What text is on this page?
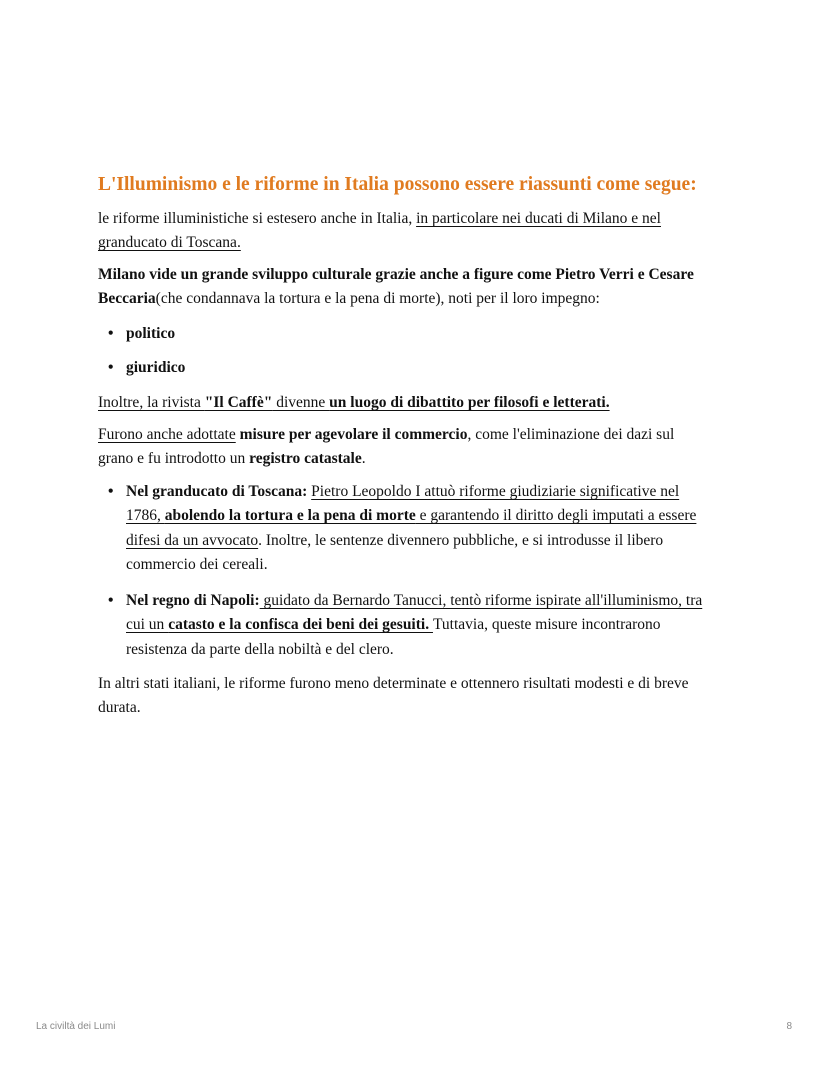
L'Illuminismo e le riforme in Italia possono essere riassunti come segue:
le riforme illuministiche si estesero anche in Italia, in particolare nei ducati di Milano e nel
granducato di Toscana.
Milano vide un grande sviluppo culturale grazie anche a figure come Pietro Verri e Cesare
Beccaria(che condannava la tortura e la pena di morte), noti per il loro impegno:
• politico
• giuridico
Inoltre, la rivista "Il Caffè" divenne un luogo di dibattito per filosofi e letterati.
Furono anche adottate misure per agevolare il commercio, come l'eliminazione dei dazi sul
grano e fu introdotto un registro catastale.
• Nel granducato di Toscana: Pietro Leopoldo I attuò riforme giudiziarie significative nel
1786, abolendo la tortura e la pena di morte e garantendo il diritto degli imputati a essere
difesi da un avvocato. Inoltre, le sentenze divennero pubbliche, e si introdusse il libero
commercio dei cereali.
• Nel regno di Napoli: guidato da Bernardo Tanucci, tentò riforme ispirate all'illuminismo, tra
cui un catasto e la confisca dei beni dei gesuiti. Tuttavia, queste misure incontrarono
resistenza da parte della nobiltà e del clero.
In altri stati italiani, le riforme furono meno determinate e ottennero risultati modesti e di breve
durata.
La civiltà dei Lumi	8
